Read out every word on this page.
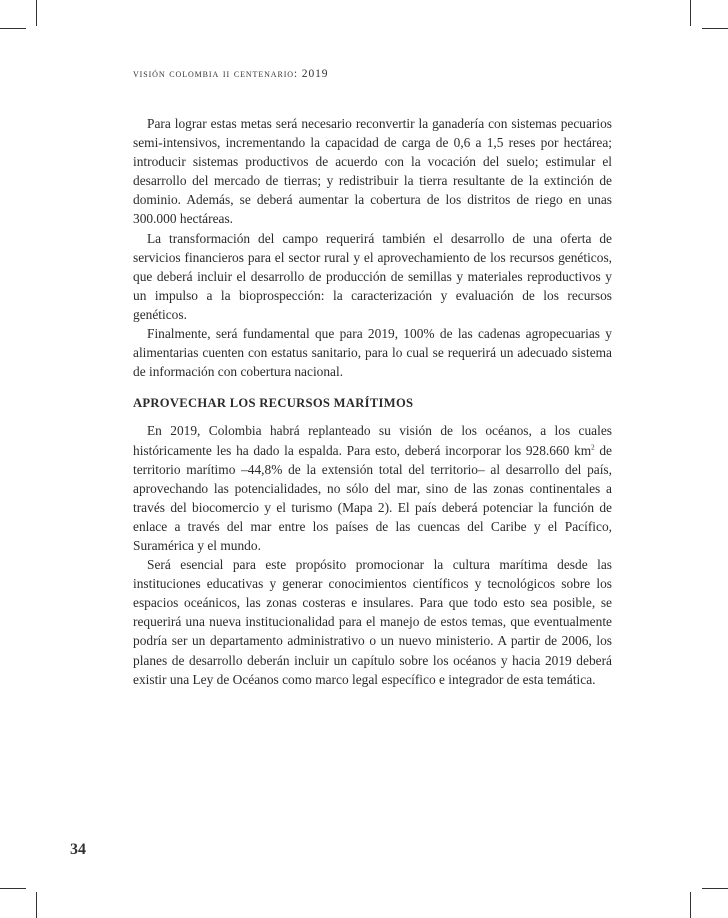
visión colombia ii centenario: 2019

Para lograr estas metas será necesario reconvertir la ganadería con sistemas pecuarios semi-intensivos, incrementando la capacidad de carga de 0,6 a 1,5 reses por hectárea; introducir sistemas productivos de acuerdo con la vocación del suelo; estimular el desarrollo del mercado de tierras; y redistribuir la tierra resultante de la extinción de dominio. Además, se deberá aumentar la cobertura de los distritos de riego en unas 300.000 hectáreas.

La transformación del campo requerirá también el desarrollo de una oferta de servicios financieros para el sector rural y el aprovechamiento de los recursos genéticos, que deberá incluir el desarrollo de producción de semillas y materiales reproductivos y un impulso a la bioprospección: la caracterización y evaluación de los recursos genéticos.

Finalmente, será fundamental que para 2019, 100% de las cadenas agropecuarias y alimentarias cuenten con estatus sanitario, para lo cual se requerirá un adecuado sistema de información con cobertura nacional.

APROVECHAR LOS RECURSOS MARÍTIMOS

En 2019, Colombia habrá replanteado su visión de los océanos, a los cuales históricamente les ha dado la espalda. Para esto, deberá incorporar los 928.660 $km^2$ de territorio marítimo –44,8% de la extensión total del territorio– al desarrollo del país, aprovechando las potencialidades, no sólo del mar, sino de las zonas continentales a través del biocomercio y el turismo (Mapa 2). El país deberá potenciar la función de enlace a través del mar entre los países de las cuencas del Caribe y el Pacífico, Suramérica y el mundo.

Será esencial para este propósito promocionar la cultura marítima desde las instituciones educativas y generar conocimientos científicos y tecnológicos sobre los espacios oceánicos, las zonas costeras e insulares. Para que todo esto sea posible, se requerirá una nueva institucionalidad para el manejo de estos temas, que eventualmente podría ser un departamento administrativo o un nuevo ministerio. A partir de 2006, los planes de desarrollo deberán incluir un capítulo sobre los océanos y hacia 2019 deberá existir una Ley de Océanos como marco legal específico e integrador de esta temática.

34
